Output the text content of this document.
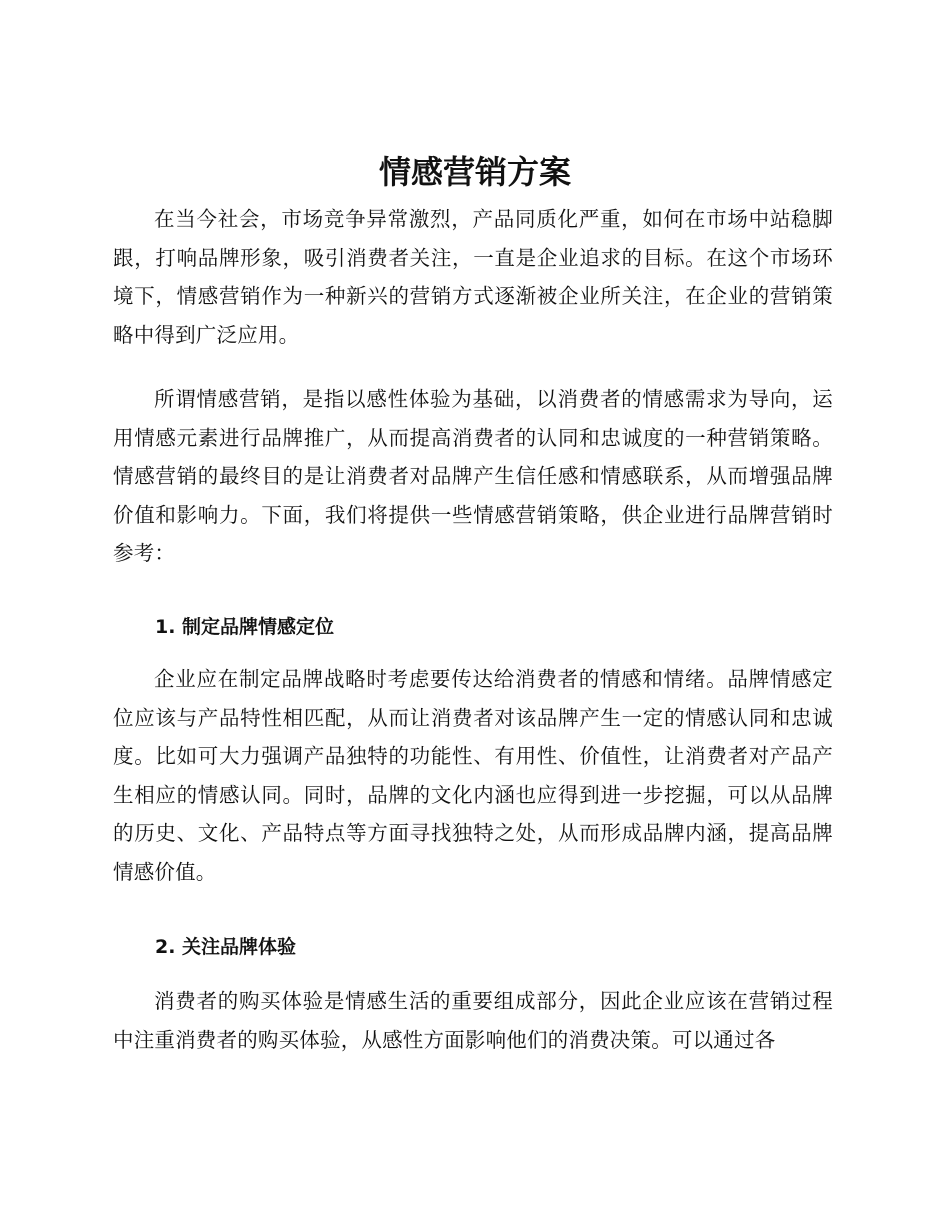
情感营销方案

在当今社会，市场竞争异常激烈，产品同质化严重，如何在市场中站稳脚跟，打响品牌形象，吸引消费者关注，一直是企业追求的目标。在这个市场环境下，情感营销作为一种新兴的营销方式逐渐被企业所关注，在企业的营销策略中得到广泛应用。

所谓情感营销，是指以感性体验为基础，以消费者的情感需求为导向，运用情感元素进行品牌推广，从而提高消费者的认同和忠诚度的一种营销策略。情感营销的最终目的是让消费者对品牌产生信任感和情感联系，从而增强品牌价值和影响力。下面，我们将提供一些情感营销策略，供企业进行品牌营销时参考：

1. 制定品牌情感定位

企业应在制定品牌战略时考虑要传达给消费者的情感和情绪。品牌情感定位应该与产品特性相匹配，从而让消费者对该品牌产生一定的情感认同和忠诚度。比如可大力强调产品独特的功能性、有用性、价值性，让消费者对产品产生相应的情感认同。同时，品牌的文化内涵也应得到进一步挖掘，可以从品牌的历史、文化、产品特点等方面寻找独特之处，从而形成品牌内涵，提高品牌情感价值。

2. 关注品牌体验

消费者的购买体验是情感生活的重要组成部分，因此企业应该在营销过程中注重消费者的购买体验，从感性方面影响他们的消费决策。可以通过各
